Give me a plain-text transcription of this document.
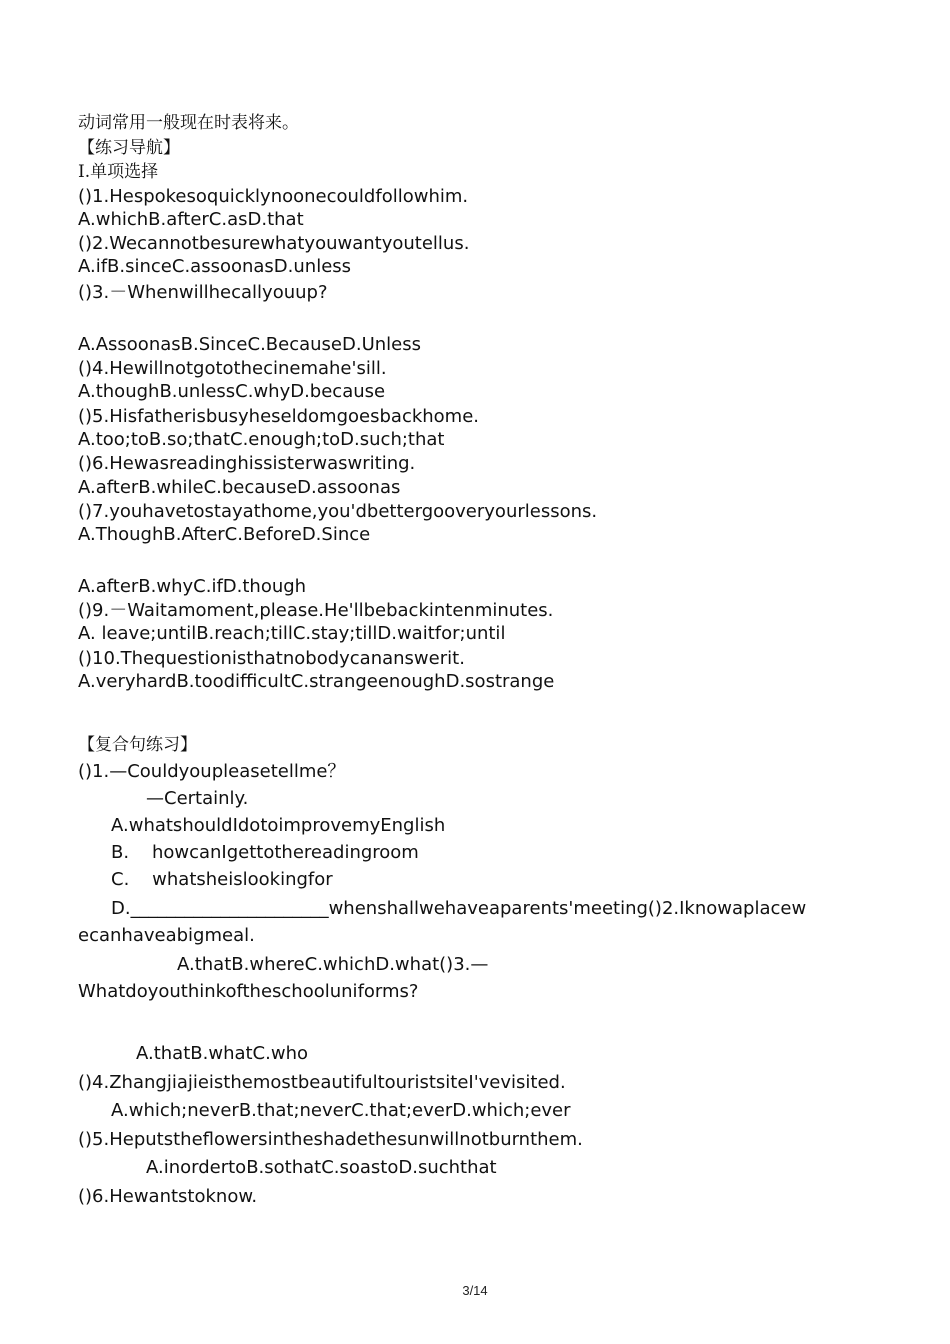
动词常用一般现在时表将来。
【练习导航】
Ⅰ.单项选择
()1.Hespokesoquicklynoonecouldfollowhim.
A.whichB.afterC.asD.that
()2.Wecannotbesurewhatyouwantyoutellus.
A.ifB.sinceC.assoonasD.unless
()3.－Whenwillhecallyouup?
A.AssoonasB.SinceC.BecauseD.Unless
()4.Hewillnotgotothecinemahe'sill.
A.thoughB.unlessC.whyD.because
()5.Hisfatherisbusyheseldomgoesbackhome.
A.too;toB.so;thatC.enough;toD.such;that
()6.Hewasreadinghissisterwaswriting.
A.afterB.whileC.becauseD.assoonas
()7.youhavetostayathome,you'dbettergooveryourlessons.
A.ThoughB.AfterC.BeforeD.Since
A.afterB.whyC.ifD.though
()9.－Waitamoment,please.He'llbebackintenminutes.
A. leave;untilB.reach;tillC.stay;tillD.waitfor;until
()10.Thequestionisthatnobodycananswerit.
A.veryhardB.toodifficultC.strangeenoughD.sostrange
【复合句练习】
()1.—Couldyoupleasetellme？
—Certainly.
A.whatshouldIdotoimprovemyEnglish
B.    howcanIgettothereadingroom
C.    whatsheislookingfor
D.______________________whenshallwehaveaparents'meeting()2.Iknowaplacew
ecanhaveabigmeal.
A.thatB.whereC.whichD.what()3.—
Whatdoyouthinkoftheschooluniforms?
A.thatB.whatC.who
()4.ZhangjiajieisthemostbeautifultouristsiteI'vevisited.
A.which;neverB.that;neverC.that;everD.which;ever
()5.Heputstheflowersintheshadethesunwillnotburnthem.
A.inordertoB.sothatC.soastoD.suchthat
()6.Hewantstoknow.
3/14
